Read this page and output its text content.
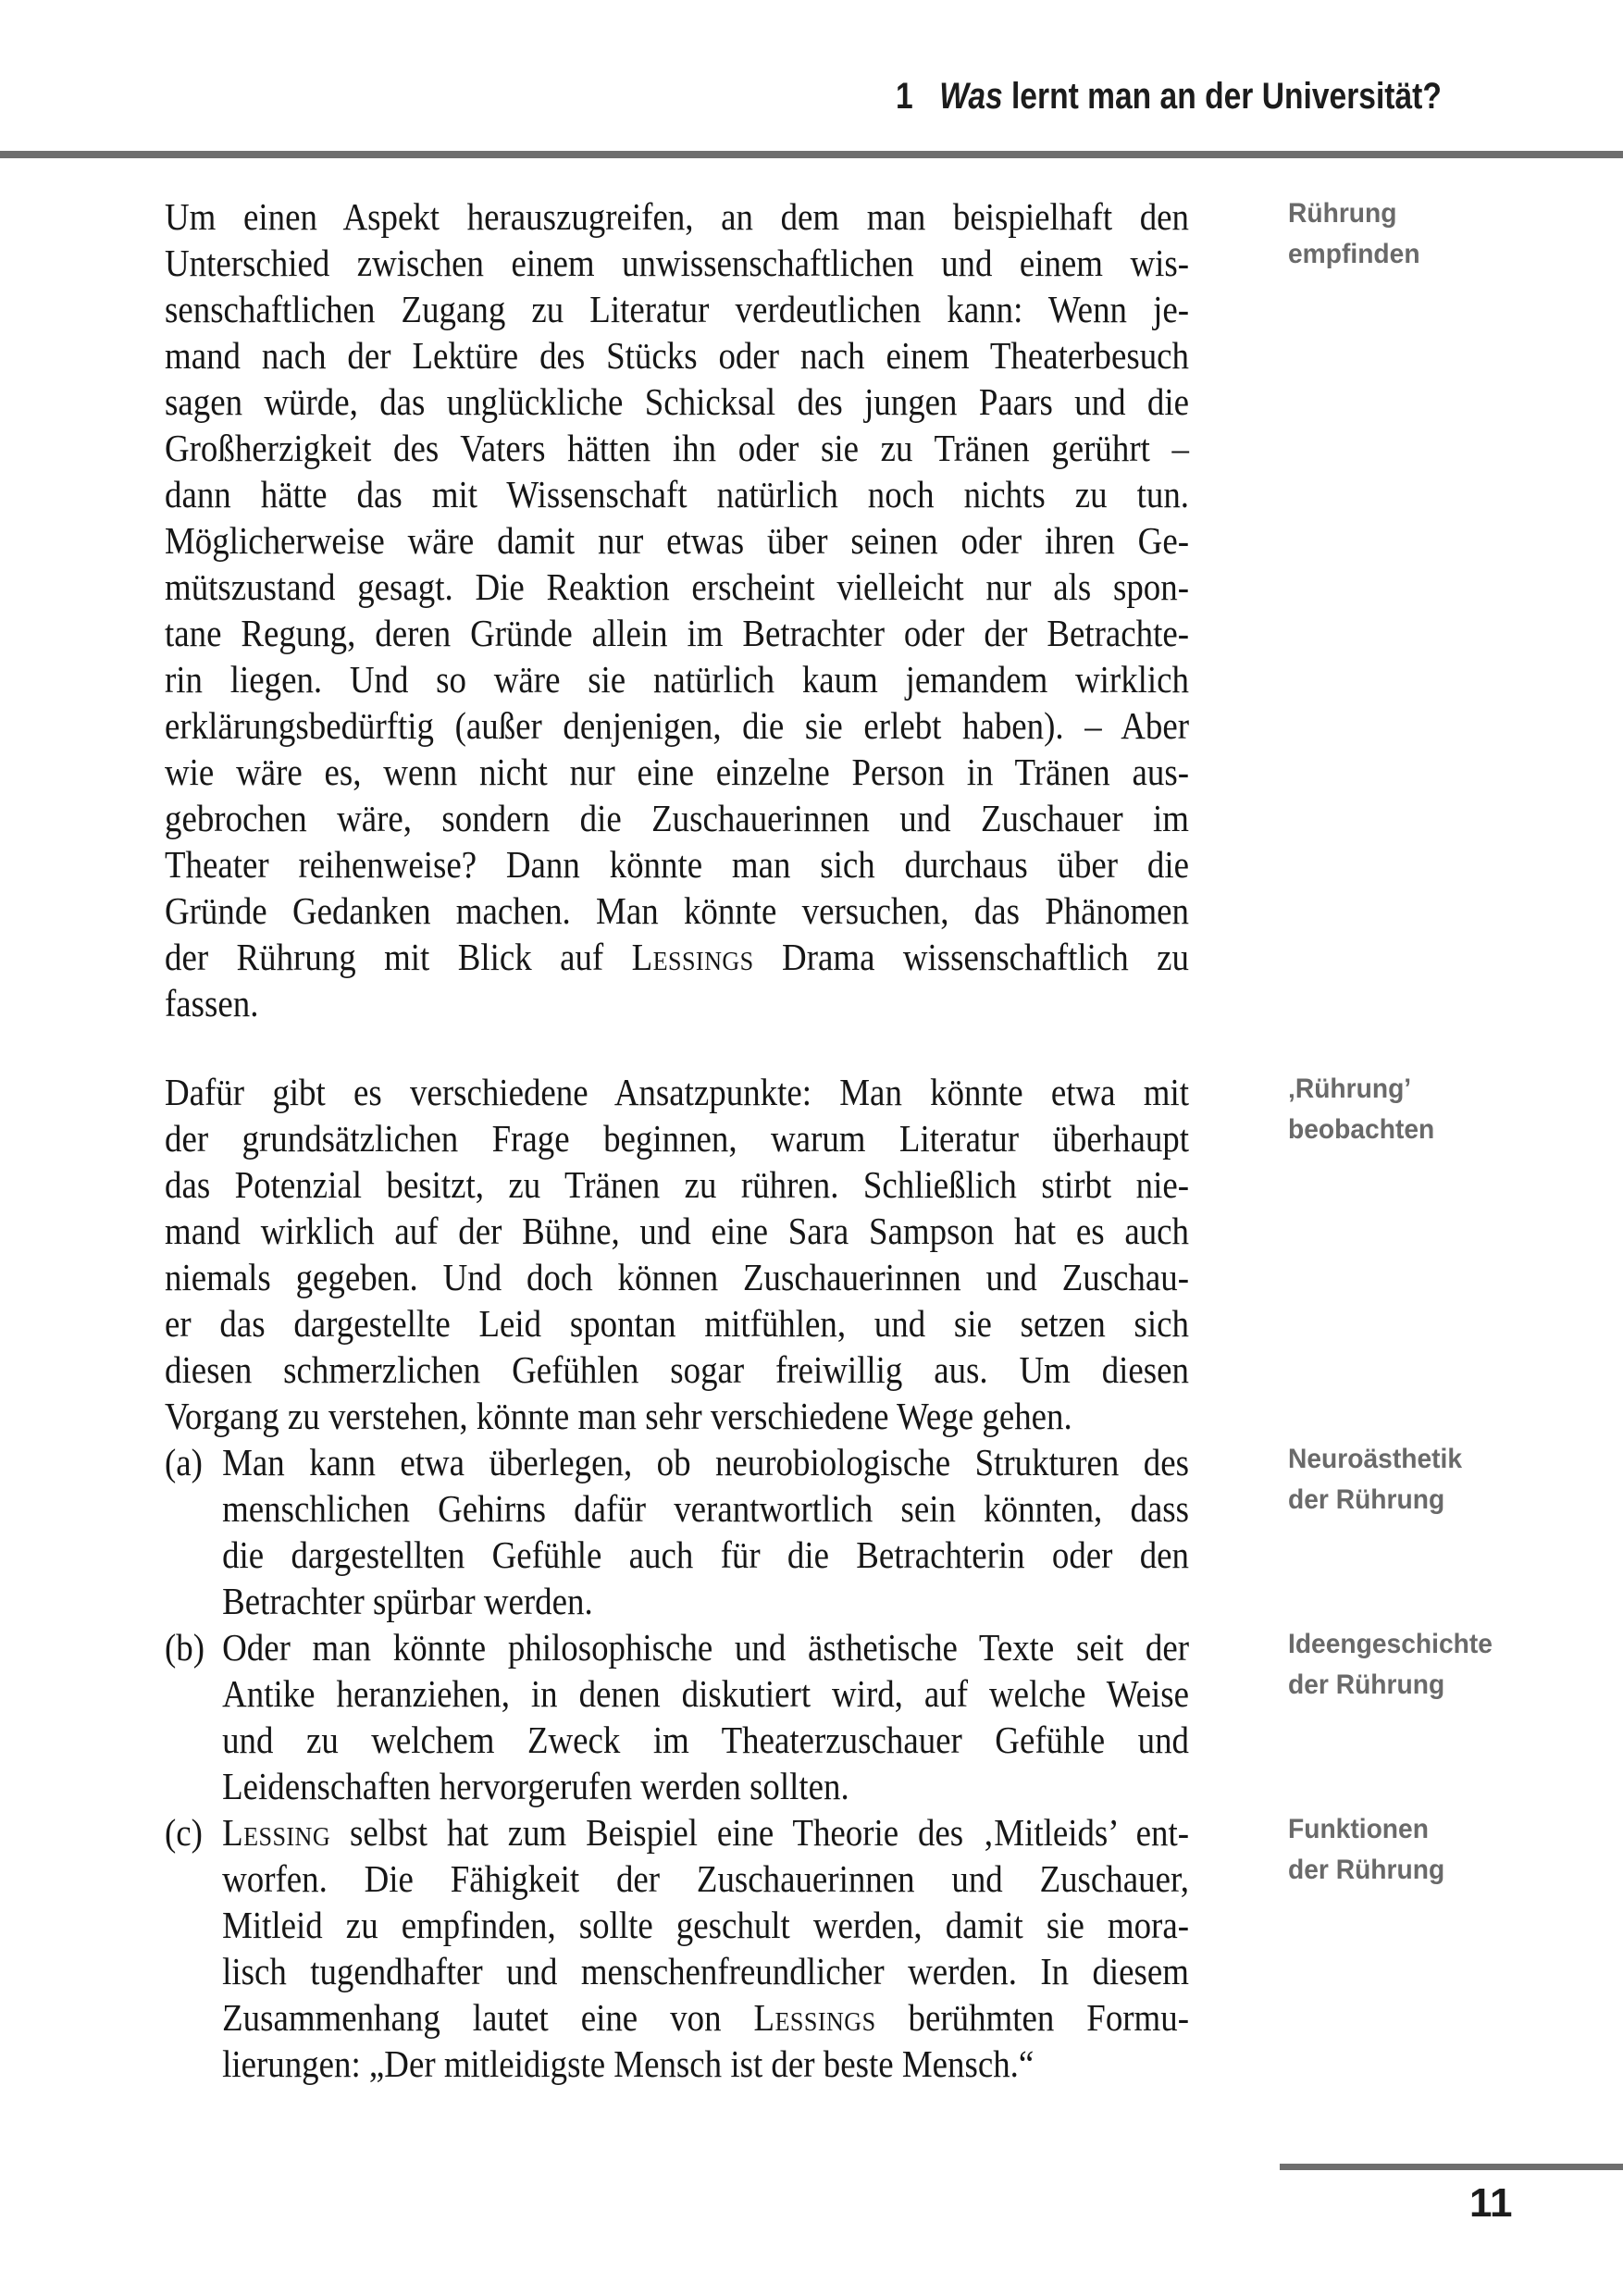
1 Was lernt man an der Universität?
Um einen Aspekt herauszugreifen, an dem man beispielhaft den
Unterschied zwischen einem unwissenschaftlichen und einem wis-
senschaftlichen Zugang zu Literatur verdeutlichen kann: Wenn je-
mand nach der Lektüre des Stücks oder nach einem Theaterbesuch
sagen würde, das unglückliche Schicksal des jungen Paars und die
Großherzigkeit des Vaters hätten ihn oder sie zu Tränen gerührt –
dann hätte das mit Wissenschaft natürlich noch nichts zu tun.
Möglicherweise wäre damit nur etwas über seinen oder ihren Ge-
mütszustand gesagt. Die Reaktion erscheint vielleicht nur als spon-
tane Regung, deren Gründe allein im Betrachter oder der Betrachte-
rin liegen. Und so wäre sie natürlich kaum jemandem wirklich
erklärungsbedürftig (außer denjenigen, die sie erlebt haben). – Aber
wie wäre es, wenn nicht nur eine einzelne Person in Tränen aus-
gebrochen wäre, sondern die Zuschauerinnen und Zuschauer im
Theater reihenweise? Dann könnte man sich durchaus über die
Gründe Gedanken machen. Man könnte versuchen, das Phänomen
der Rührung mit Blick auf Lessings Drama wissenschaftlich zu
fassen.
Dafür gibt es verschiedene Ansatzpunkte: Man könnte etwa mit
der grundsätzlichen Frage beginnen, warum Literatur überhaupt
das Potenzial besitzt, zu Tränen zu rühren. Schließlich stirbt nie-
mand wirklich auf der Bühne, und eine Sara Sampson hat es auch
niemals gegeben. Und doch können Zuschauerinnen und Zuschau-
er das dargestellte Leid spontan mitfühlen, und sie setzen sich
diesen schmerzlichen Gefühlen sogar freiwillig aus. Um diesen
Vorgang zu verstehen, könnte man sehr verschiedene Wege gehen.
(a) Man kann etwa überlegen, ob neurobiologische Strukturen des
menschlichen Gehirns dafür verantwortlich sein könnten, dass
die dargestellten Gefühle auch für die Betrachterin oder den
Betrachter spürbar werden.
(b) Oder man könnte philosophische und ästhetische Texte seit der
Antike heranziehen, in denen diskutiert wird, auf welche Weise
und zu welchem Zweck im Theaterzuschauer Gefühle und
Leidenschaften hervorgerufen werden sollten.
(c) Lessing selbst hat zum Beispiel eine Theorie des ‚Mitleids’ ent-
worfen. Die Fähigkeit der Zuschauerinnen und Zuschauer,
Mitleid zu empfinden, sollte geschult werden, damit sie mora-
lisch tugendhafter und menschenfreundlicher werden. In diesem
Zusammenhang lautet eine von Lessings berühmten Formu-
lierungen: „Der mitleidigste Mensch ist der beste Mensch.“
Rührung
empfinden
‚Rührung’
beobachten
Neuroästhetik
der Rührung
Ideengeschichte
der Rührung
Funktionen
der Rührung
11
